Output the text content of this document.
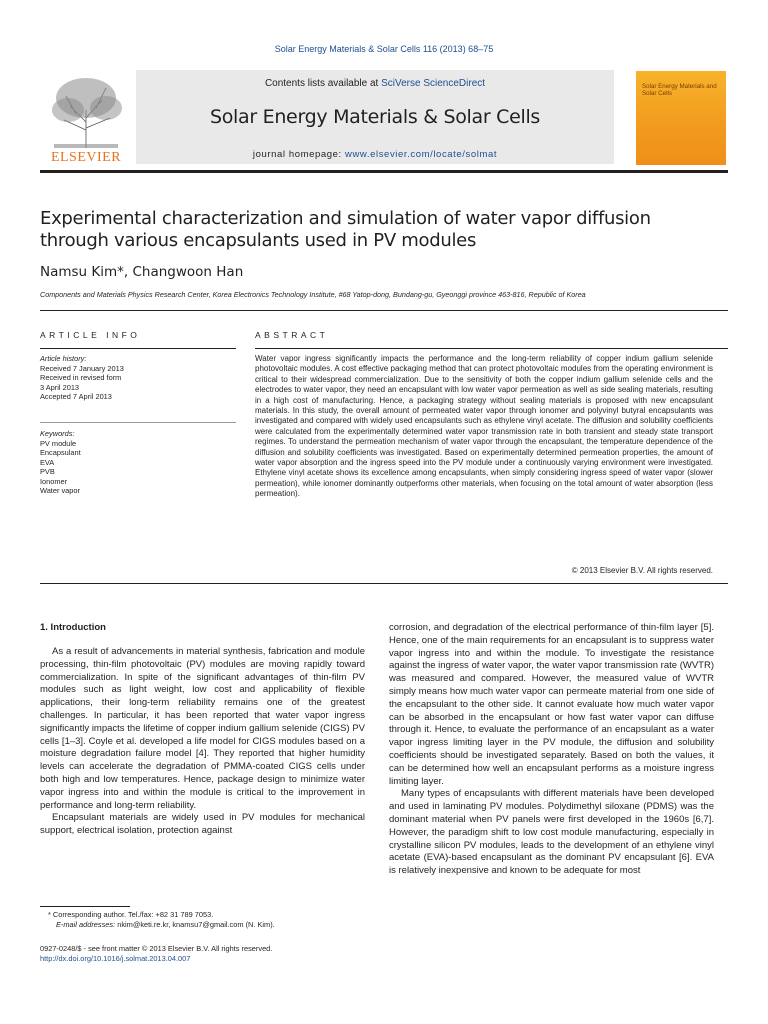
Solar Energy Materials & Solar Cells 116 (2013) 68–75
ELSEVIER
Contents lists available at SciVerse ScienceDirect
Solar Energy Materials & Solar Cells
journal homepage: www.elsevier.com/locate/solmat
Solar Energy Materials and Solar Cells
Experimental characterization and simulation of water vapor diffusion through various encapsulants used in PV modules
Namsu Kim*, Changwoon Han
Components and Materials Physics Research Center, Korea Electronics Technology Institute, #68 Yatop-dong, Bundang-gu, Gyeonggi province 463-816, Republic of Korea
ARTICLE INFO	ABSTRACT
Article history:
Received 7 January 2013
Received in revised form
3 April 2013
Accepted 7 April 2013
Keywords:
PV module
Encapsulant
EVA
PVB
Ionomer
Water vapor
Water vapor ingress significantly impacts the performance and the long-term reliability of copper indium gallium selenide photovoltaic modules. A cost effective packaging method that can protect photovoltaic modules from the operating environment is critical to their widespread commercialization. Due to the sensitivity of both the copper indium gallium selenide cells and the electrodes to water vapor, they need an encapsulant with low water vapor permeation as well as side sealing materials, resulting in a high cost of manufacturing. Hence, a packaging strategy without sealing materials is proposed with new encapsulant materials. In this study, the overall amount of permeated water vapor through ionomer and polyvinyl butyral encapsulants was investigated and compared with widely used encapsulants such as ethylene vinyl acetate. The diffusion and solubility coefficients were calculated from the experimentally determined water vapor transmission rate in both transient and steady state transport regimes. To understand the permeation mechanism of water vapor through the encapsulant, the temperature dependence of the diffusion and solubility coefficients was investigated. Based on experimentally determined permeation properties, the amount of water vapor absorption and the ingress speed into the PV module under a continuously varying environment were investigated. Ethylene vinyl acetate shows its excellence among encapsulants, when simply considering ingress speed of water vapor (slower permeation), while ionomer dominantly outperforms other materials, when focusing on the total amount of water absorption (less permeation).
© 2013 Elsevier B.V. All rights reserved.
1. Introduction

As a result of advancements in material synthesis, fabrication and module processing, thin-film photovoltaic (PV) modules are moving rapidly toward commercialization. In spite of the significant advantages of thin-film PV modules such as light weight, low cost and applicability of flexible applications, their long-term reliability remains one of the greatest challenges. In particular, it has been reported that water vapor ingress significantly impacts the lifetime of copper indium gallium selenide (CIGS) PV cells [1–3]. Coyle et al. developed a life model for CIGS modules based on a moisture degradation failure model [4]. They reported that higher humidity levels can accelerate the degradation of PMMA-coated CIGS cells under both high and low temperatures. Hence, package design to minimize water vapor ingress into and within the module is critical to the improvement in performance and long-term reliability.

Encapsulant materials are widely used in PV modules for mechanical support, electrical isolation, protection against

corrosion, and degradation of the electrical performance of thin-film layer [5]. Hence, one of the main requirements for an encapsulant is to suppress water vapor ingress into and within the module. To investigate the resistance against the ingress of water vapor, the water vapor transmission rate (WVTR) was measured and compared. However, the measured value of WVTR simply means how much water vapor can permeate material from one side of the encapsulant to the other side. It cannot evaluate how much water vapor can be absorbed in the encapsulant or how fast water vapor can diffuse through it. Hence, to evaluate the performance of an encapsulant as a water vapor ingress limiting layer in the PV module, the diffusion and solubility coefficients should be investigated separately. Based on both the values, it can be determined how well an encapsulant performs as a moisture ingress limiting layer.

Many types of encapsulants with different materials have been developed and used in laminating PV modules. Polydimethyl siloxane (PDMS) was the dominant material when PV panels were first developed in the 1960s [6,7]. However, the paradigm shift to low cost module manufacturing, especially in crystalline silicon PV modules, leads to the development of an ethylene vinyl acetate (EVA)-based encapsulant as the dominant PV encapsulant [6]. EVA is relatively inexpensive and known to be adequate for most

* Corresponding author. Tel./fax: +82 31 789 7053.
E-mail addresses: nkim@keti.re.kr, knamsu7@gmail.com (N. Kim).
0927-0248/$ - see front matter © 2013 Elsevier B.V. All rights reserved.
http://dx.doi.org/10.1016/j.solmat.2013.04.007
